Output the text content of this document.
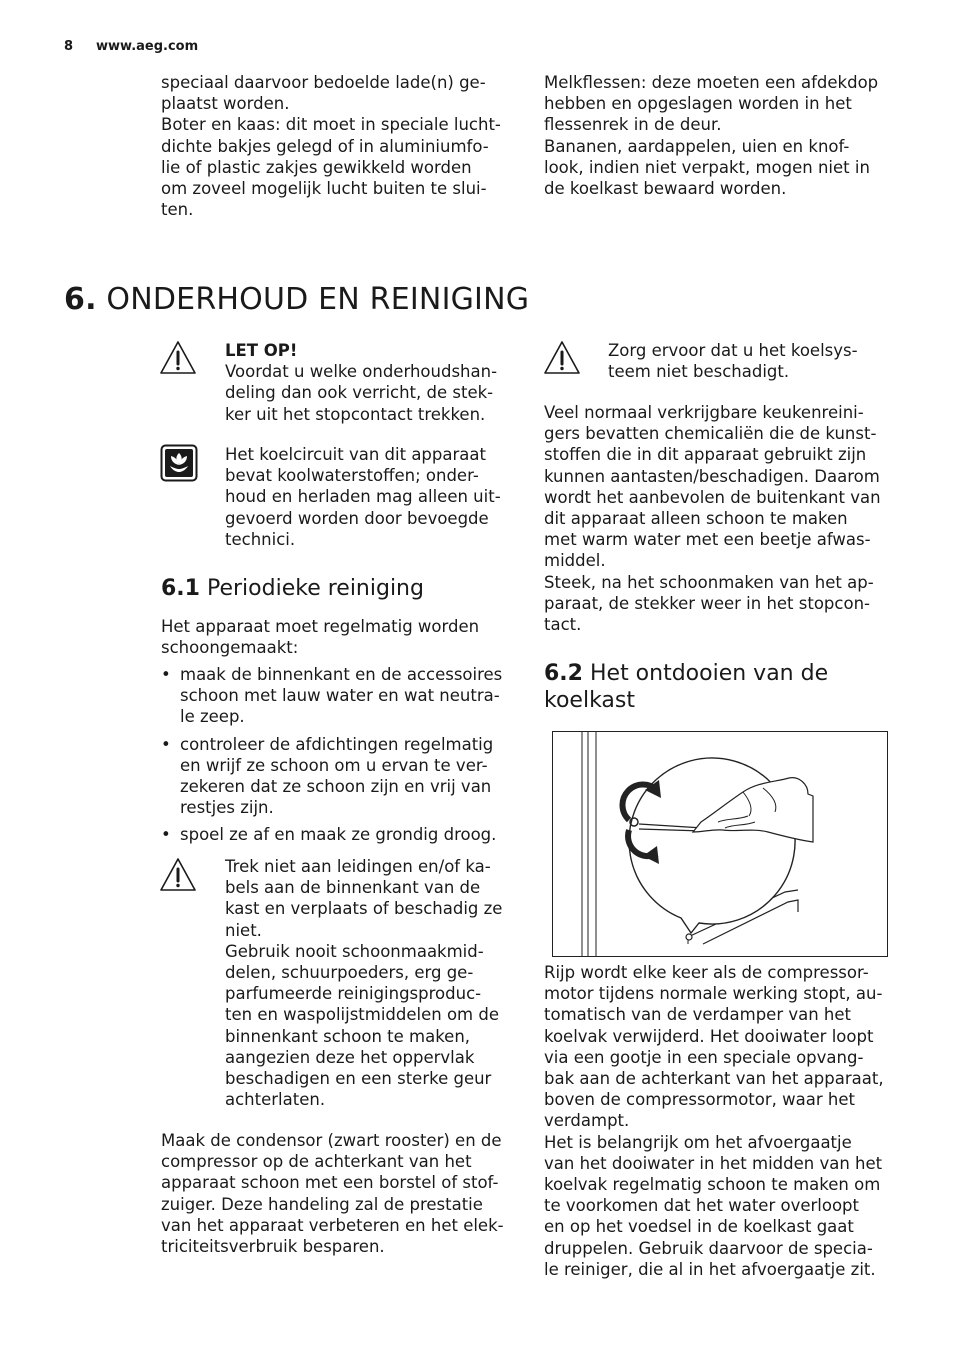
8 www.aeg.com
speciaal daarvoor bedoelde lade(n) ge-
plaatst worden.
Boter en kaas: dit moet in speciale lucht-
dichte bakjes gelegd of in aluminiumfo-
lie of plastic zakjes gewikkeld worden
om zoveel mogelijk lucht buiten te slui-
ten.
Melkflessen: deze moeten een afdekdop
hebben en opgeslagen worden in het
flessenrek in de deur.
Bananen, aardappelen, uien en knof-
look, indien niet verpakt, mogen niet in
de koelkast bewaard worden.
6. ONDERHOUD EN REINIGING
LET OP!
Voordat u welke onderhoudshan-
deling dan ook verricht, de stek-
ker uit het stopcontact trekken.
Het koelcircuit van dit apparaat
bevat koolwaterstoffen; onder-
houd en herladen mag alleen uit-
gevoerd worden door bevoegde
technici.
6.1 Periodieke reiniging
Het apparaat moet regelmatig worden
schoongemaakt:
• maak de binnenkant en de accessoires
schoon met lauw water en wat neutra-
le zeep.
• controleer de afdichtingen regelmatig
en wrijf ze schoon om u ervan te ver-
zekeren dat ze schoon zijn en vrij van
restjes zijn.
• spoel ze af en maak ze grondig droog.
Trek niet aan leidingen en/of ka-
bels aan de binnenkant van de
kast en verplaats of beschadig ze
niet.
Gebruik nooit schoonmaakmid-
delen, schuurpoeders, erg ge-
parfumeerde reinigingsproduc-
ten en waspolijstmiddelen om de
binnenkant schoon te maken,
aangezien deze het oppervlak
beschadigen en een sterke geur
achterlaten.
Maak de condensor (zwart rooster) en de
compressor op de achterkant van het
apparaat schoon met een borstel of stof-
zuiger. Deze handeling zal de prestatie
van het apparaat verbeteren en het elek-
triciteitsverbruik besparen.
Zorg ervoor dat u het koelsys-
teem niet beschadigt.
Veel normaal verkrijgbare keukenreini-
gers bevatten chemicaliën die de kunst-
stoffen die in dit apparaat gebruikt zijn
kunnen aantasten/beschadigen. Daarom
wordt het aanbevolen de buitenkant van
dit apparaat alleen schoon te maken
met warm water met een beetje afwas-
middel.
Steek, na het schoonmaken van het ap-
paraat, de stekker weer in het stopcon-
tact.
6.2 Het ontdooien van de
koelkast
Rijp wordt elke keer als de compressor-
motor tijdens normale werking stopt, au-
tomatisch van de verdamper van het
koelvak verwijderd. Het dooiwater loopt
via een gootje in een speciale opvang-
bak aan de achterkant van het apparaat,
boven de compressormotor, waar het
verdampt.
Het is belangrijk om het afvoergaatje
van het dooiwater in het midden van het
koelvak regelmatig schoon te maken om
te voorkomen dat het water overloopt
en op het voedsel in de koelkast gaat
druppelen. Gebruik daarvoor de specia-
le reiniger, die al in het afvoergaatje zit.
